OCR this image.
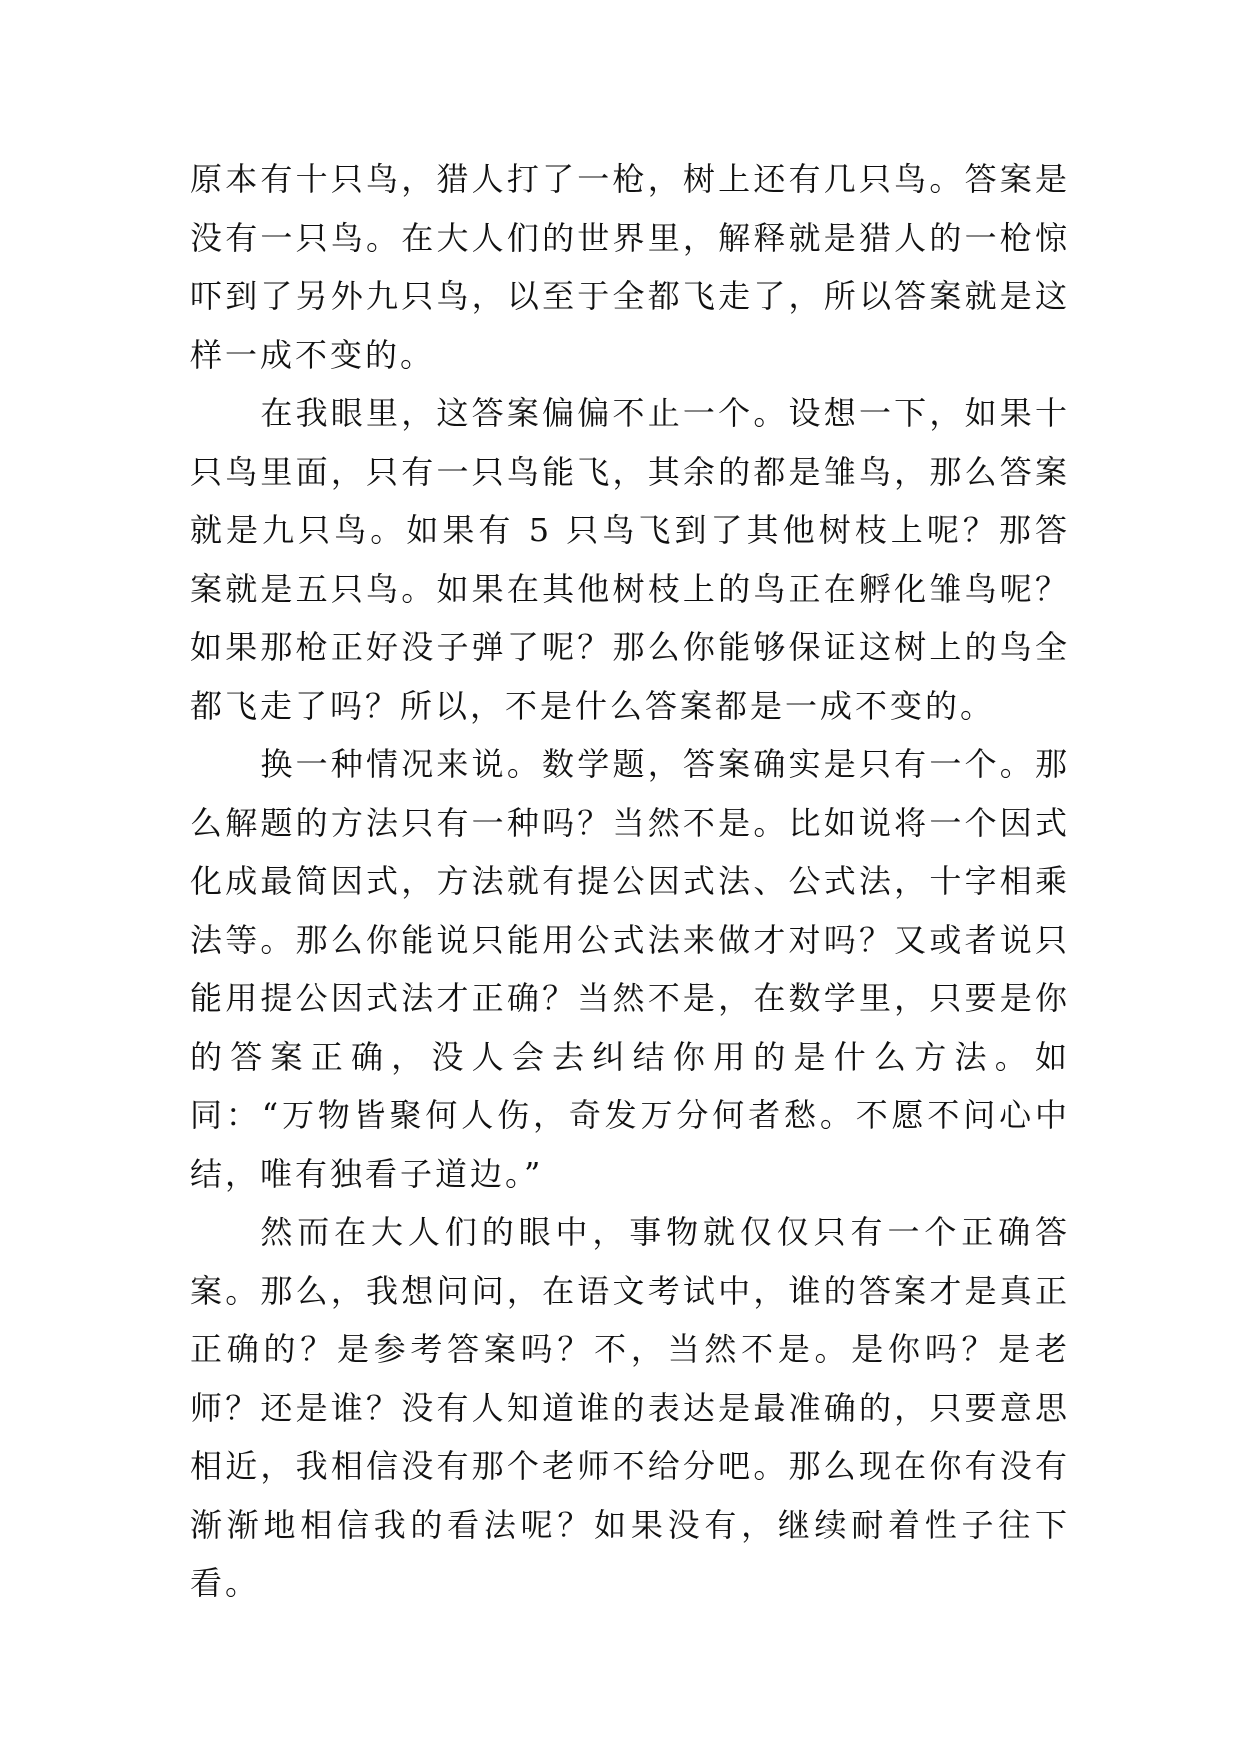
原本有十只鸟，猎人打了一枪，树上还有几只鸟。答案是没有一只鸟。在大人们的世界里，解释就是猎人的一枪惊吓到了另外九只鸟，以至于全都飞走了，所以答案就是这样一成不变的。

在我眼里，这答案偏偏不止一个。设想一下，如果十只鸟里面，只有一只鸟能飞，其余的都是雏鸟，那么答案就是九只鸟。如果有 5 只鸟飞到了其他树枝上呢？那答案就是五只鸟。如果在其他树枝上的鸟正在孵化雏鸟呢？如果那枪正好没子弹了呢？那么你能够保证这树上的鸟全都飞走了吗？所以，不是什么答案都是一成不变的。

换一种情况来说。数学题，答案确实是只有一个。那么解题的方法只有一种吗？当然不是。比如说将一个因式化成最简因式，方法就有提公因式法、公式法，十字相乘法等。那么你能说只能用公式法来做才对吗？又或者说只能用提公因式法才正确？当然不是，在数学里，只要是你的答案正确，没人会去纠结你用的是什么方法。如同：“万物皆聚何人伤，奇发万分何者愁。不愿不问心中结，唯有独看子道边。”

然而在大人们的眼中，事物就仅仅只有一个正确答案。那么，我想问问，在语文考试中，谁的答案才是真正正确的？是参考答案吗？不，当然不是。是你吗？是老师？还是谁？没有人知道谁的表达是最准确的，只要意思相近，我相信没有那个老师不给分吧。那么现在你有没有渐渐地相信我的看法呢？如果没有，继续耐着性子往下看。
